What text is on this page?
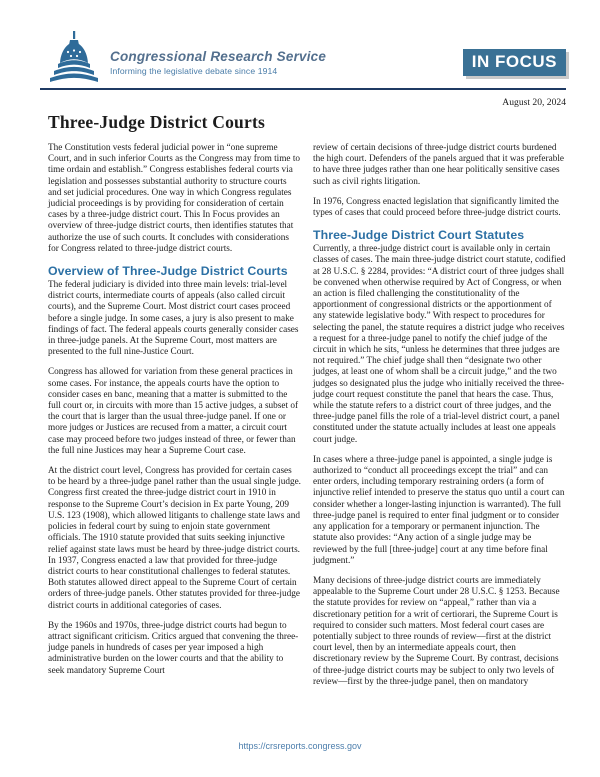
Congressional Research Service
Informing the legislative debate since 1914	IN FOCUS
August 20, 2024
Three-Judge District Courts

The Constitution vests federal judicial power in “one supreme Court, and in such inferior Courts as the Congress may from time to time ordain and establish.” Congress establishes federal courts via legislation and possesses substantial authority to structure courts and set judicial procedures. One way in which Congress regulates judicial proceedings is by providing for consideration of certain cases by a three-judge district court. This In Focus provides an overview of three-judge district courts, then identifies statutes that authorize the use of such courts. It concludes with considerations for Congress related to three-judge district courts.

Overview of Three-Judge District Courts

The federal judiciary is divided into three main levels: trial-level district courts, intermediate courts of appeals (also called circuit courts), and the Supreme Court. Most district court cases proceed before a single judge. In some cases, a jury is also present to make findings of fact. The federal appeals courts generally consider cases in three-judge panels. At the Supreme Court, most matters are presented to the full nine-Justice Court.

Congress has allowed for variation from these general practices in some cases. For instance, the appeals courts have the option to consider cases en banc, meaning that a matter is submitted to the full court or, in circuits with more than 15 active judges, a subset of the court that is larger than the usual three-judge panel. If one or more judges or Justices are recused from a matter, a circuit court case may proceed before two judges instead of three, or fewer than the full nine Justices may hear a Supreme Court case.

At the district court level, Congress has provided for certain cases to be heard by a three-judge panel rather than the usual single judge. Congress first created the three-judge district court in 1910 in response to the Supreme Court’s decision in Ex parte Young, 209 U.S. 123 (1908), which allowed litigants to challenge state laws and policies in federal court by suing to enjoin state government officials. The 1910 statute provided that suits seeking injunctive relief against state laws must be heard by three-judge district courts. In 1937, Congress enacted a law that provided for three-judge district courts to hear constitutional challenges to federal statutes. Both statutes allowed direct appeal to the Supreme Court of certain orders of three-judge panels. Other statutes provided for three-judge district courts in additional categories of cases.

By the 1960s and 1970s, three-judge district courts had begun to attract significant criticism. Critics argued that convening the three-judge panels in hundreds of cases per year imposed a high administrative burden on the lower courts and that the ability to seek mandatory Supreme Court

review of certain decisions of three-judge district courts burdened the high court. Defenders of the panels argued that it was preferable to have three judges rather than one hear politically sensitive cases such as civil rights litigation.

In 1976, Congress enacted legislation that significantly limited the types of cases that could proceed before three-judge district courts.

Three-Judge District Court Statutes

Currently, a three-judge district court is available only in certain classes of cases. The main three-judge district court statute, codified at 28 U.S.C. § 2284, provides: “A district court of three judges shall be convened when otherwise required by Act of Congress, or when an action is filed challenging the constitutionality of the apportionment of congressional districts or the apportionment of any statewide legislative body.” With respect to procedures for selecting the panel, the statute requires a district judge who receives a request for a three-judge panel to notify the chief judge of the circuit in which he sits, “unless he determines that three judges are not required.” The chief judge shall then “designate two other judges, at least one of whom shall be a circuit judge,” and the two judges so designated plus the judge who initially received the three-judge court request constitute the panel that hears the case. Thus, while the statute refers to a district court of three judges, and the three-judge panel fills the role of a trial-level district court, a panel constituted under the statute actually includes at least one appeals court judge.

In cases where a three-judge panel is appointed, a single judge is authorized to “conduct all proceedings except the trial” and can enter orders, including temporary restraining orders (a form of injunctive relief intended to preserve the status quo until a court can consider whether a longer-lasting injunction is warranted). The full three-judge panel is required to enter final judgment or to consider any application for a temporary or permanent injunction. The statute also provides: “Any action of a single judge may be reviewed by the full [three-judge] court at any time before final judgment.”

Many decisions of three-judge district courts are immediately appealable to the Supreme Court under 28 U.S.C. § 1253. Because the statute provides for review on “appeal,” rather than via a discretionary petition for a writ of certiorari, the Supreme Court is required to consider such matters. Most federal court cases are potentially subject to three rounds of review—first at the district court level, then by an intermediate appeals court, then discretionary review by the Supreme Court. By contrast, decisions of three-judge district courts may be subject to only two levels of review—first by the three-judge panel, then on mandatory

https://crsreports.congress.gov
